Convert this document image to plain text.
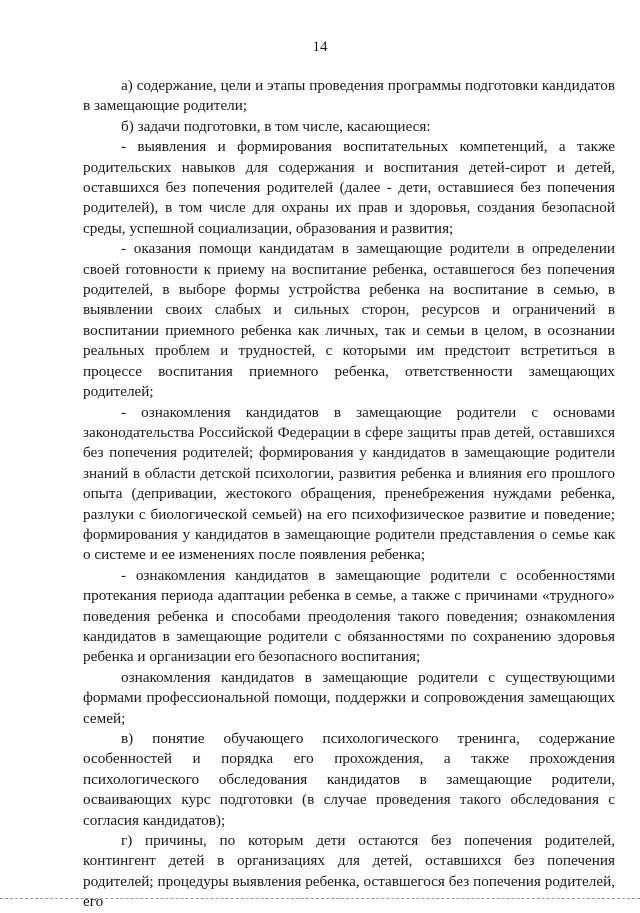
14

а) содержание, цели и этапы проведения программы подготовки кандидатов в замещающие родители;

б) задачи подготовки, в том числе, касающиеся:

- выявления и формирования воспитательных компетенций, а также родительских навыков для содержания и воспитания детей-сирот и детей, оставшихся без попечения родителей (далее - дети, оставшиеся без попечения родителей), в том числе для охраны их прав и здоровья, создания безопасной среды, успешной социализации, образования и развития;

- оказания помощи кандидатам в замещающие родители в определении своей готовности к приему на воспитание ребенка, оставшегося без попечения родителей, в выборе формы устройства ребенка на воспитание в семью, в выявлении своих слабых и сильных сторон, ресурсов и ограничений в воспитании приемного ребенка как личных, так и семьи в целом, в осознании реальных проблем и трудностей, с которыми им предстоит встретиться в процессе воспитания приемного ребенка, ответственности замещающих родителей;

- ознакомления кандидатов в замещающие родители с основами законодательства Российской Федерации в сфере защиты прав детей, оставшихся без попечения родителей; формирования у кандидатов в замещающие родители знаний в области детской психологии, развития ребенка и влияния его прошлого опыта (депривации, жестокого обращения, пренебрежения нуждами ребенка, разлуки с биологической семьей) на его психофизическое развитие и поведение; формирования у кандидатов в замещающие родители представления о семье как о системе и ее изменениях после появления ребенка;

- ознакомления кандидатов в замещающие родители с особенностями протекания периода адаптации ребенка в семье, а также с причинами «трудного» поведения ребенка и способами преодоления такого поведения; ознакомления кандидатов в замещающие родители с обязанностями по сохранению здоровья ребенка и организации его безопасного воспитания;

ознакомления кандидатов в замещающие родители с существующими формами профессиональной помощи, поддержки и сопровождения замещающих семей;

в) понятие обучающего психологического тренинга, содержание особенностей и порядка его прохождения, а также прохождения психологического обследования кандидатов в замещающие родители, осваивающих курс подготовки (в случае проведения такого обследования с согласия кандидатов);

г) причины, по которым дети остаются без попечения родителей, контингент детей в организациях для детей, оставшихся без попечения родителей; процедуры выявления ребенка, оставшегося без попечения родителей, его
